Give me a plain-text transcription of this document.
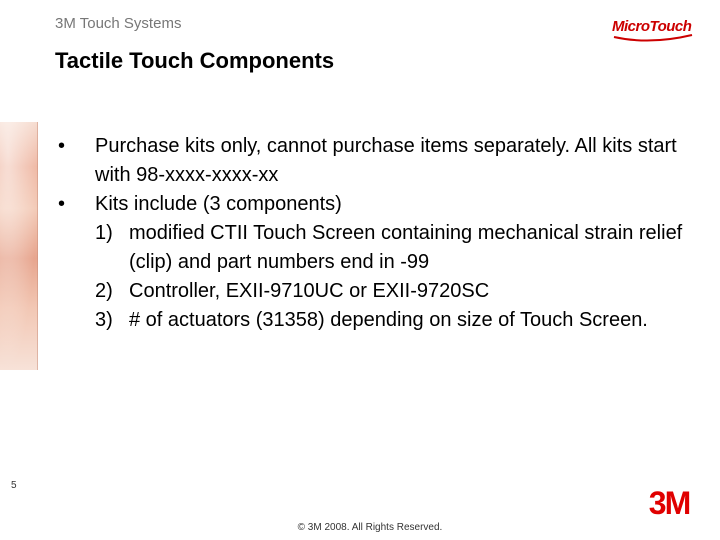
3M Touch Systems	MicroTouch
Tactile Touch Components
•	Purchase kits only, cannot purchase items separately. All kits start with 98-xxxx-xxxx-xx
•	Kits include (3 components)
1) modified CTII Touch Screen containing mechanical strain relief (clip) and part numbers end in -99
2) Controller, EXII-9710UC or EXII-9720SC
3) # of actuators (31358) depending on size of Touch Screen.
5
© 3M 2008. All Rights Reserved.
3M
